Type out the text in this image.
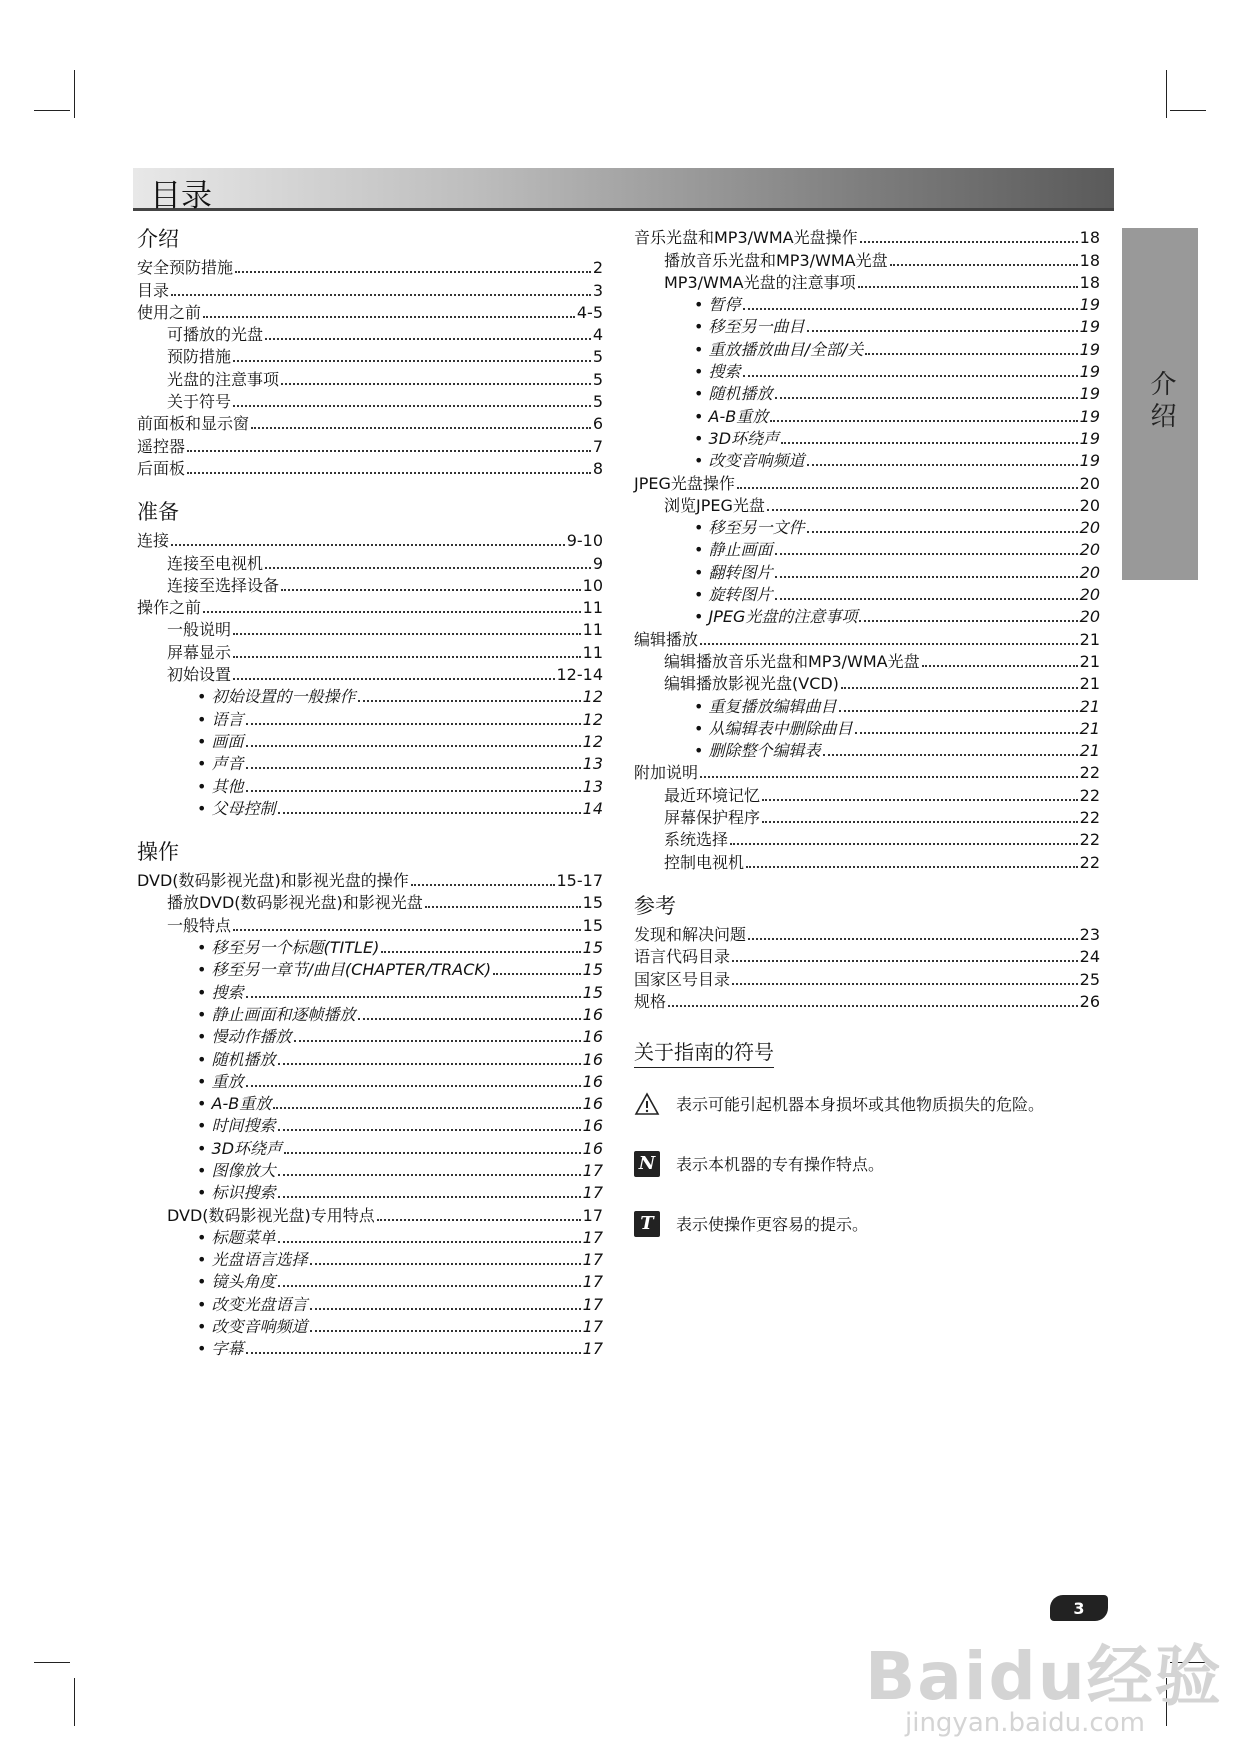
目录
介绍
介绍
安全预防措施	2
目录	3
使用之前	4-5
可播放的光盘	4
预防措施	5
光盘的注意事项	5
关于符号	5
前面板和显示窗	6
遥控器	7
后面板	8
准备
连接	9-10
连接至电视机	9
连接至选择设备	10
操作之前	11
一般说明	11
屏幕显示	11
初始设置	12-14
• 初始设置的一般操作	12
• 语言	12
• 画面	12
• 声音	13
• 其他	13
• 父母控制	14
操作
DVD(数码影视光盘)和影视光盘的操作	15-17
播放DVD(数码影视光盘)和影视光盘	15
一般特点	15
• 移至另一个标题(TITLE)	15
• 移至另一章节/曲目(CHAPTER/TRACK)	15
• 搜索	15
• 静止画面和逐帧播放	16
• 慢动作播放	16
• 随机播放	16
• 重放	16
• A-B重放	16
• 时间搜索	16
• 3D环绕声	16
• 图像放大	17
• 标识搜索	17
DVD(数码影视光盘)专用特点	17
• 标题菜单	17
• 光盘语言选择	17
• 镜头角度	17
• 改变光盘语言	17
• 改变音响频道	17
• 字幕	17
音乐光盘和MP3/WMA光盘操作	18
播放音乐光盘和MP3/WMA光盘	18
MP3/WMA光盘的注意事项	18
• 暂停	19
• 移至另一曲目	19
• 重放播放曲目/全部/关	19
• 搜索	19
• 随机播放	19
• A-B重放	19
• 3D环绕声	19
• 改变音响频道	19
JPEG光盘操作	20
浏览JPEG光盘	20
• 移至另一文件	20
• 静止画面	20
• 翻转图片	20
• 旋转图片	20
• JPEG光盘的注意事项	20
编辑播放	21
编辑播放音乐光盘和MP3/WMA光盘	21
编辑播放影视光盘(VCD)	21
• 重复播放编辑曲目	21
• 从编辑表中删除曲目	21
• 删除整个编辑表	21
附加说明	22
最近环境记忆	22
屏幕保护程序	22
系统选择	22
控制电视机	22
参考
发现和解决问题	23
语言代码目录	24
国家区号目录	25
规格	26
关于指南的符号
表示可能引起机器本身损坏或其他物质损失的危险。
N 表示本机器的专有操作特点。
T	表示使操作更容易的提示。
3
Baidu经验
jingyan.baidu.com
